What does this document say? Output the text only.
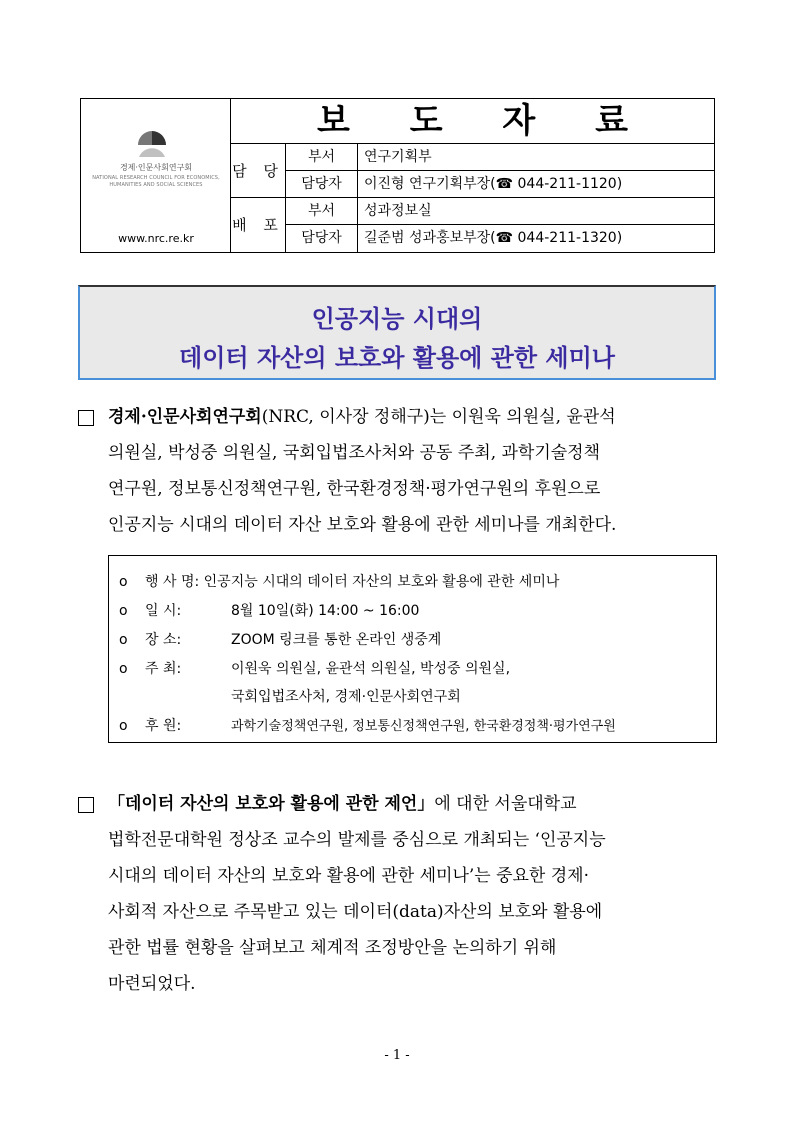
경제·인문사회연구회
NATIONAL RESEARCH COUNCIL FOR ECONOMICS, HUMANITIES AND SOCIAL SCIENCES
www.nrc.re.kr
보 도 자 료
담 당
부서	연구기획부
담당자	이진형 연구기획부장(☎ 044-211-1120)
배 포
부서	성과정보실
담당자	길준범 성과홍보부장(☎ 044-211-1320)
인공지능 시대의
데이터 자산의 보호와 활용에 관한 세미나
경제·인문사회연구회(NRC, 이사장 정해구)는 이원욱 의원실, 윤관석
의원실, 박성중 의원실, 국회입법조사처와 공동 주최, 과학기술정책
연구원, 정보통신정책연구원, 한국환경정책·평가연구원의 후원으로
인공지능 시대의 데이터 자산 보호와 활용에 관한 세미나를 개최한다.
o 행 사 명: 인공지능 시대의 데이터 자산의 보호와 활용에 관한 세미나
o 일 시:	8월 10일(화) 14:00 ~ 16:00
o 장 소:	ZOOM 링크를 통한 온라인 생중계
o 주 최:	이원욱 의원실, 윤관석 의원실, 박성중 의원실,
국회입법조사처, 경제·인문사회연구회
o 후 원:	과학기술정책연구원, 정보통신정책연구원, 한국환경정책·평가연구원
「데이터 자산의 보호와 활용에 관한 제언」에 대한 서울대학교
법학전문대학원 정상조 교수의 발제를 중심으로 개최되는 ‘인공지능
시대의 데이터 자산의 보호와 활용에 관한 세미나’는 중요한 경제·
사회적 자산으로 주목받고 있는 데이터(data)자산의 보호와 활용에
관한 법률 현황을 살펴보고 체계적 조정방안을 논의하기 위해
마련되었다.
- 1 -
